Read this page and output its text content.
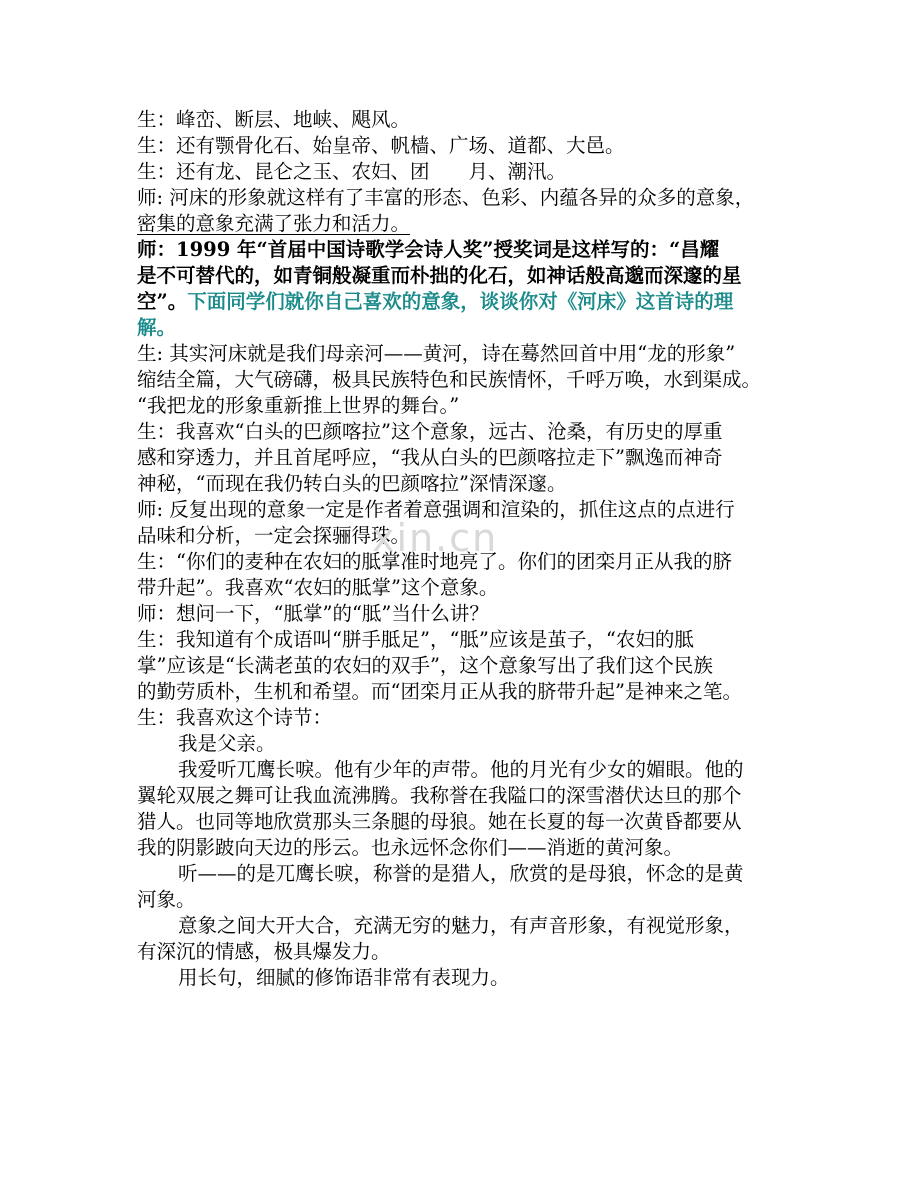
生：峰峦、断层、地峡、飓风。
生：还有颚骨化石、始皇帝、帆樯、广场、道都、大邑。
生：还有龙、昆仑之玉、农妇、团　　月、潮汛。
师: 河床的形象就这样有了丰富的形态、色彩、内蕴各异的众多的意象，
密集的意象充满了张力和活力。
师：1999 年“首届中国诗歌学会诗人奖”授奖词是这样写的：“昌耀
是不可替代的，如青铜般凝重而朴拙的化石，如神话般高邈而深邃的星
空”。下面同学们就你自己喜欢的意象，谈谈你对《河床》这首诗的理
解。
生: 其实河床就是我们母亲河——黄河，诗在蓦然回首中用“龙的形象”
缩结全篇，大气磅礴，极具民族特色和民族情怀，千呼万唤，水到渠成。
“我把龙的形象重新推上世界的舞台。”
生：我喜欢“白头的巴颜喀拉”这个意象，远古、沧桑，有历史的厚重
感和穿透力，并且首尾呼应，“我从白头的巴颜喀拉走下”飘逸而神奇
神秘，“而现在我仍转白头的巴颜喀拉”深情深邃。
师: 反复出现的意象一定是作者着意强调和渲染的，抓住这点的点进行
品味和分析，一定会探骊得珠。
生：“你们的麦种在农妇的胝掌准时地亮了。你们的团栾月正从我的脐
带升起”。我喜欢“农妇的胝掌”这个意象。
师：想问一下，“胝掌”的“胝”当什么讲？
生：我知道有个成语叫“胼手胝足”，“胝”应该是茧子，“农妇的胝
掌”应该是“长满老茧的农妇的双手”，这个意象写出了我们这个民族
的勤劳质朴，生机和希望。而“团栾月正从我的脐带升起”是神来之笔。
生：我喜欢这个诗节：
我是父亲。
我爱听兀鹰长唳。他有少年的声带。他的月光有少女的媚眼。他的
翼轮双展之舞可让我血流沸腾。我称誉在我隘口的深雪潜伏达旦的那个
猎人。也同等地欣赏那头三条腿的母狼。她在长夏的每一次黄昏都要从
我的阴影跛向天边的彤云。也永远怀念你们——消逝的黄河象。
听——的是兀鹰长唳，称誉的是猎人，欣赏的是母狼，怀念的是黄
河象。
意象之间大开大合，充满无穷的魅力，有声音形象，有视觉形象，
有深沉的情感，极具爆发力。
用长句，细腻的修饰语非常有表现力。
xin.cn
